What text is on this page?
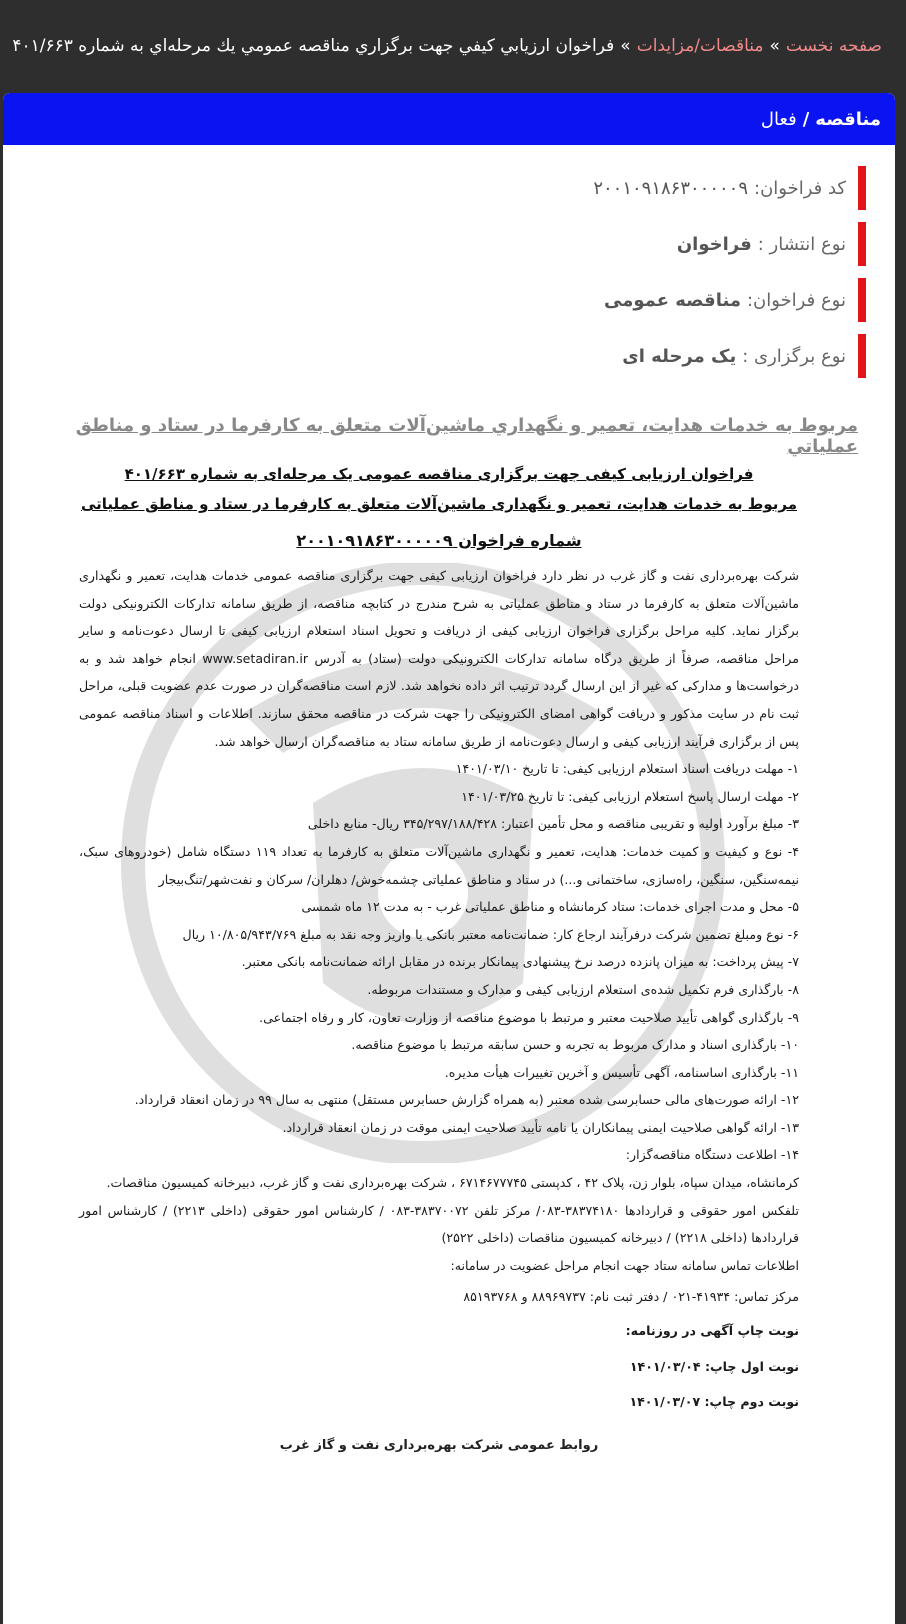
صفحه نخست
»
مناقصات/مزایدات
»
فراخوان ارزيابي كيفي جهت برگزاري مناقصه عمومي يك مرحله‌اي به شماره ۴۰۱/۶۶۳
مناقصه
/
فعال
کد فراخوان:
۲۰۰۱۰۹۱۸۶۳۰۰۰۰۰۹
نوع انتشار :
فراخوان
نوع فراخوان:
مناقصه عمومی
نوع برگزاری :
یک مرحله ای
مربوط به خدمات هدايت، تعمير و نگهداري ماشين‌آلات متعلق به كارفرما در ستاد و مناطق عملياتي
فراخوان ارزیابی کیفی جهت برگزاری مناقصه عمومی یک مرحله‌ای به شماره ۴۰۱/۶۶۳
مربوط به خدمات هدایت، تعمیر و نگهداری ماشین‌آلات متعلق به کارفرما در ستاد و مناطق عملیاتی
شماره فراخوان ۲۰۰۱۰۹۱۸۶۳۰۰۰۰۰۹
شرکت بهره‌برداری نفت و گاز غرب در نظر دارد فراخوان ارزیابی کیفی جهت برگزاری مناقصه عمومی خدمات هدایت، تعمیر و نگهداری ماشین‌آلات متعلق به کارفرما در ستاد و مناطق عملیاتی به شرح مندرج در کتابچه مناقصه، از طریق سامانه تدارکات الکترونیکی دولت برگزار نماید. کلیه مراحل برگزاری فراخوان ارزیابی کیفی از دریافت و تحویل اسناد استعلام ارزیابی کیفی تا ارسال دعوت‌نامه و سایر مراحل مناقصه، صرفاً از طریق درگاه سامانه تدارکات الکترونیکی دولت (ستاد) به آدرس www.setadiran.ir انجام خواهد شد و به درخواست‌ها و مدارکی که غیر از این ارسال گردد ترتیب اثر داده نخواهد شد. لازم است مناقصه‌گران در صورت عدم عضویت قبلی، مراحل ثبت نام در سایت مذکور و دریافت گواهی امضای الکترونیکی را جهت شرکت در مناقصه محقق سازند. اطلاعات و اسناد مناقصه عمومی پس از برگزاری فرآیند ارزیابی کیفی و ارسال دعوت‌نامه از طریق سامانه ستاد به مناقصه‌گران ارسال خواهد شد.
۱- مهلت دریافت اسناد استعلام ارزیابی کیفی: تا تاریخ ۱۴۰۱/۰۳/۱۰
۲- مهلت ارسال پاسخ استعلام ارزیابی کیفی: تا تاریخ ۱۴۰۱/۰۳/۲۵
۳- مبلغ برآورد اولیه و تقریبی مناقصه و محل تأمین اعتبار: ۳۴۵/۲۹۷/۱۸۸/۴۲۸ ریال- منابع داخلی
۴- نوع و کیفیت و کمیت خدمات: هدایت، تعمیر و نگهداری ماشین‌آلات متعلق به کارفرما به تعداد ۱۱۹ دستگاه شامل (خودروهای سبک، نیمه‌سنگین، سنگین، راه‌سازی، ساختمانی و...) در ستاد و مناطق عملیاتی چشمه‌خوش/ دهلران/ سرکان و نفت‌شهر/تنگ‌بیجار
۵- محل و مدت اجرای خدمات: ستاد کرمانشاه و مناطق عملیاتی غرب - به مدت ۱۲ ماه شمسی
۶- نوع ومبلغ تضمین شرکت درفرآیند ارجاع کار: ضمانت‌نامه معتبر بانکی یا واریز وجه نقد به مبلغ ۱۰/۸۰۵/۹۴۳/۷۶۹ ریال
۷- پیش پرداخت: به میزان پانزده درصد نرخ پیشنهادی پیمانکار برنده در مقابل ارائه ضمانت‌نامه بانکی معتبر.
۸- بارگذاری فرم تکمیل شده‌ی استعلام ارزیابی کیفی و مدارک و مستندات مربوطه.
۹- بارگذاری گواهی تأیید صلاحیت معتبر و مرتبط با موضوع مناقصه از وزارت تعاون، کار و رفاه اجتماعی.
۱۰- بارگذاری اسناد و مدارک مربوط به تجربه و حسن سابقه مرتبط با موضوع مناقصه.
۱۱- بارگذاری اساسنامه، آگهی تأسیس و آخرین تغییرات هیأت مدیره.
۱۲- ارائه صورت‌های مالی حسابرسی شده معتبر (به همراه گزارش حسابرس مستقل) منتهی به سال ۹۹ در زمان انعقاد قرارداد.
۱۳- ارائه گواهی صلاحیت ایمنی پیمانکاران یا نامه تأیید صلاحیت ایمنی موقت در زمان انعقاد قرارداد.
۱۴- اطلاعت دستگاه مناقصه‌گزار:
کرمانشاه، میدان سپاه، بلوار زن، پلاک ۴۲ ، کدپستی ۶۷۱۴۶۷۷۷۴۵ ، شرکت بهره‌برداری نفت و گاز غرب، دبیرخانه کمیسیون مناقصات.
تلفکس امور حقوقی و قراردادها ۳۸۳۷۴۱۸۰-۰۸۳/ مرکز تلفن ۳۸۳۷۰۰۷۲-۰۸۳ / کارشناس امور حقوقی (داخلی ۲۲۱۳) / کارشناس امور قراردادها (داخلی ۲۲۱۸) / دبیرخانه کمیسیون مناقصات (داخلی ۲۵۲۲)
اطلاعات تماس سامانه ستاد جهت انجام مراحل عضویت در سامانه:
مرکز تماس: ۴۱۹۳۴-۰۲۱ / دفتر ثبت نام: ۸۸۹۶۹۷۳۷ و ۸۵۱۹۳۷۶۸
نوبت چاپ آگهی در روزنامه:
نوبت اول چاپ: ۱۴۰۱/۰۳/۰۴
نوبت دوم چاپ: ۱۴۰۱/۰۳/۰۷
روابط عمومی شرکت بهره‌برداری نفت و گاز غرب
